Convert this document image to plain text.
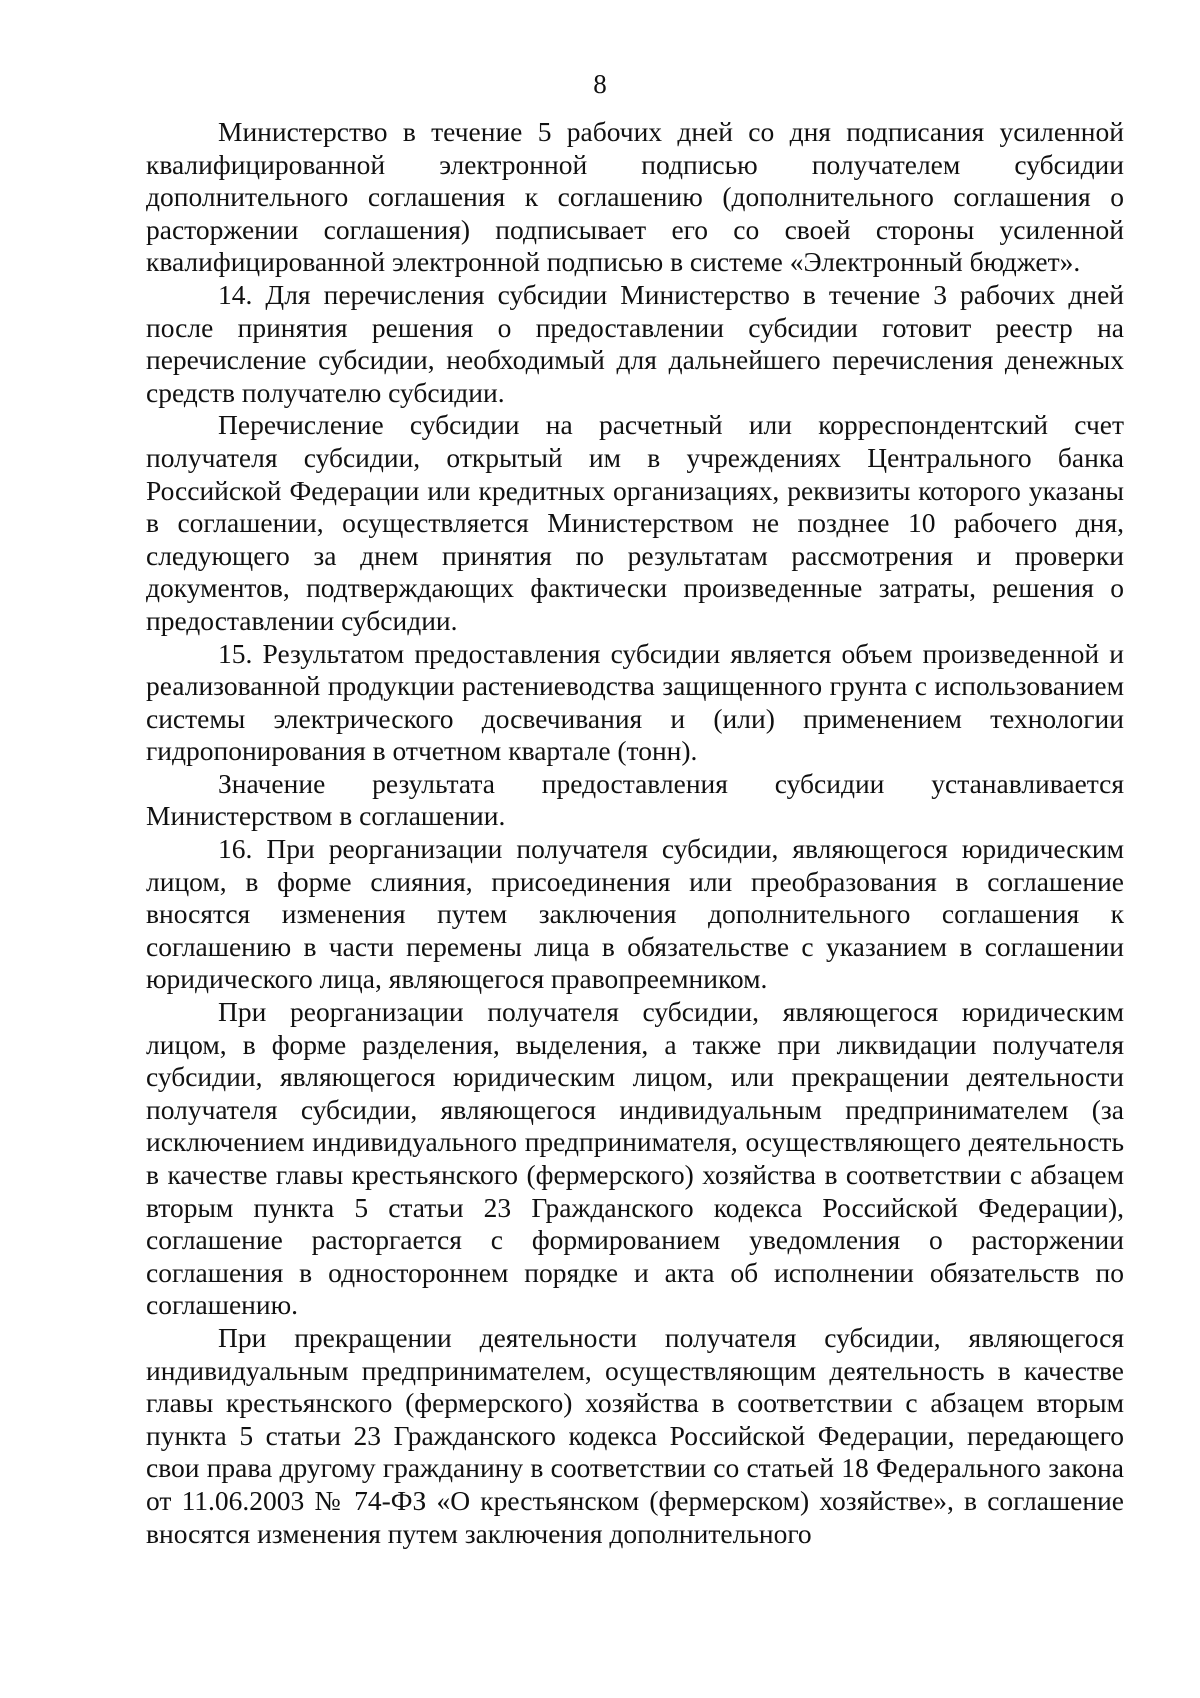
8

Министерство в течение 5 рабочих дней со дня подписания усиленной квалифицированной электронной подписью получателем субсидии дополнительного соглашения к соглашению (дополнительного соглашения о расторжении соглашения) подписывает его со своей стороны усиленной квалифицированной электронной подписью в системе «Электронный бюджет».

14. Для перечисления субсидии Министерство в течение 3 рабочих дней после принятия решения о предоставлении субсидии готовит реестр на перечисление субсидии, необходимый для дальнейшего перечисления денежных средств получателю субсидии.

Перечисление субсидии на расчетный или корреспондентский счет получателя субсидии, открытый им в учреждениях Центрального банка Российской Федерации или кредитных организациях, реквизиты которого указаны в соглашении, осуществляется Министерством не позднее 10 рабочего дня, следующего за днем принятия по результатам рассмотрения и проверки документов, подтверждающих фактически произведенные затраты, решения о предоставлении субсидии.

15. Результатом предоставления субсидии является объем произведенной и реализованной продукции растениеводства защищенного грунта с использованием системы электрического досвечивания и (или) применением технологии гидропонирования в отчетном квартале (тонн).

Значение результата предоставления субсидии устанавливается Министерством в соглашении.

16. При реорганизации получателя субсидии, являющегося юридическим лицом, в форме слияния, присоединения или преобразования в соглашение вносятся изменения путем заключения дополнительного соглашения к соглашению в части перемены лица в обязательстве с указанием в соглашении юридического лица, являющегося правопреемником.

При реорганизации получателя субсидии, являющегося юридическим лицом, в форме разделения, выделения, а также при ликвидации получателя субсидии, являющегося юридическим лицом, или прекращении деятельности получателя субсидии, являющегося индивидуальным предпринимателем (за исключением индивидуального предпринимателя, осуществляющего деятельность в качестве главы крестьянского (фермерского) хозяйства в соответствии с абзацем вторым пункта 5 статьи 23 Гражданского кодекса Российской Федерации), соглашение расторгается с формированием уведомления о расторжении соглашения в одностороннем порядке и акта об исполнении обязательств по соглашению.

При прекращении деятельности получателя субсидии, являющегося индивидуальным предпринимателем, осуществляющим деятельность в качестве главы крестьянского (фермерского) хозяйства в соответствии с абзацем вторым пункта 5 статьи 23 Гражданского кодекса Российской Федерации, передающего свои права другому гражданину в соответствии со статьей 18 Федерального закона от 11.06.2003 № 74-ФЗ «О крестьянском (фермерском) хозяйстве», в соглашение вносятся изменения путем заключения дополнительного
